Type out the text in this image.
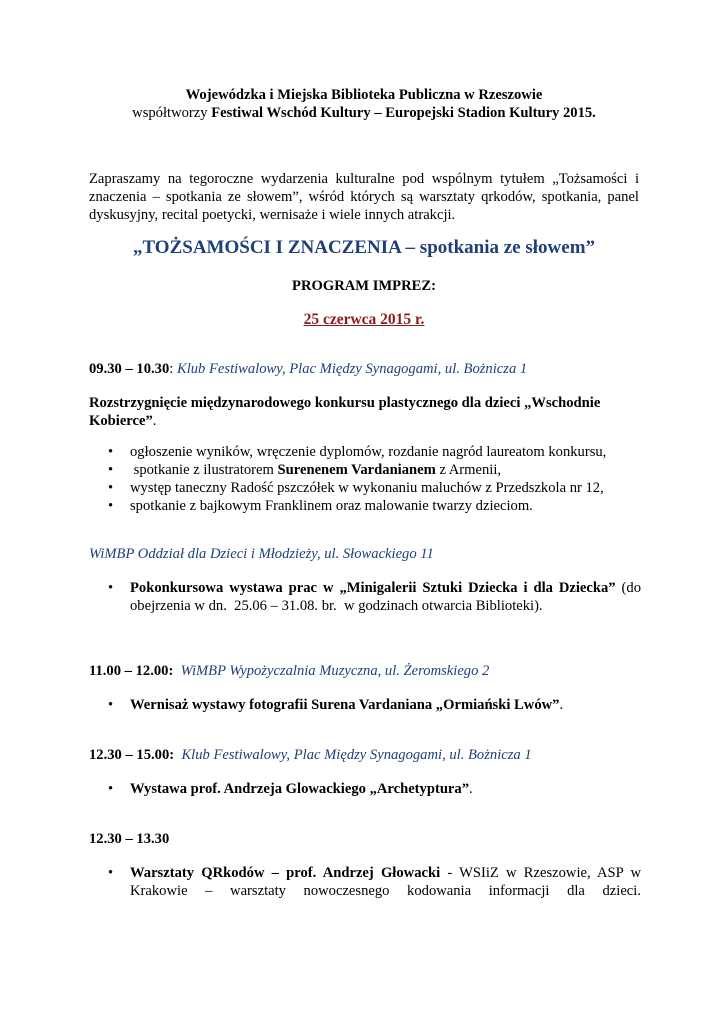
Wojewódzka i Miejska Biblioteka Publiczna w Rzeszowie
współtworzy Festiwal Wschód Kultury – Europejski Stadion Kultury 2015.
Zapraszamy na tegoroczne wydarzenia kulturalne pod wspólnym tytułem „Tożsamości i
znaczenia – spotkania ze słowem”, wśród których są warsztaty qrkodów, spotkania, panel
dyskusyjny, recital poetycki, wernisaże i wiele innych atrakcji.
„TOŻSAMOŚCI I ZNACZENIA – spotkania ze słowem”
PROGRAM IMPREZ:
25 czerwca 2015 r.
09.30 – 10.30: Klub Festiwalowy, Plac Między Synagogami, ul. Bożnicza 1
Rozstrzygnięcie międzynarodowego konkursu plastycznego dla dzieci „Wschodnie
Kobierce”.
•	ogłoszenie wyników, wręczenie dyplomów, rozdanie nagród laureatom konkursu,
•	spotkanie z ilustratorem Surenenem Vardanianem z Armenii,
•	występ taneczny Radość pszczółek w wykonaniu maluchów z Przedszkola nr 12,
•	spotkanie z bajkowym Franklinem oraz malowanie twarzy dzieciom.
WiMBP Oddział dla Dzieci i Młodzieży, ul. Słowackiego 11
•	Pokonkursowa wystawa prac w „Minigalerii Sztuki Dziecka i dla Dziecka” (do
obejrzenia w dn.  25.06 – 31.08. br.  w godzinach otwarcia Biblioteki).
11.00 – 12.00: WiMBP Wypożyczalnia Muzyczna, ul. Żeromskiego 2
•	Wernisaż wystawy fotografii Surena Vardaniana „Ormiański Lwów”.
12.30 – 15.00: Klub Festiwalowy, Plac Między Synagogami, ul. Bożnicza 1
•	Wystawa prof. Andrzeja Glowackiego „Archetyptura”.
12.30 – 13.30
•	Warsztaty QRkodów – prof. Andrzej Głowacki - WSIiZ w Rzeszowie, ASP w
Krakowie – warsztaty nowoczesnego kodowania informacji dla dzieci.
